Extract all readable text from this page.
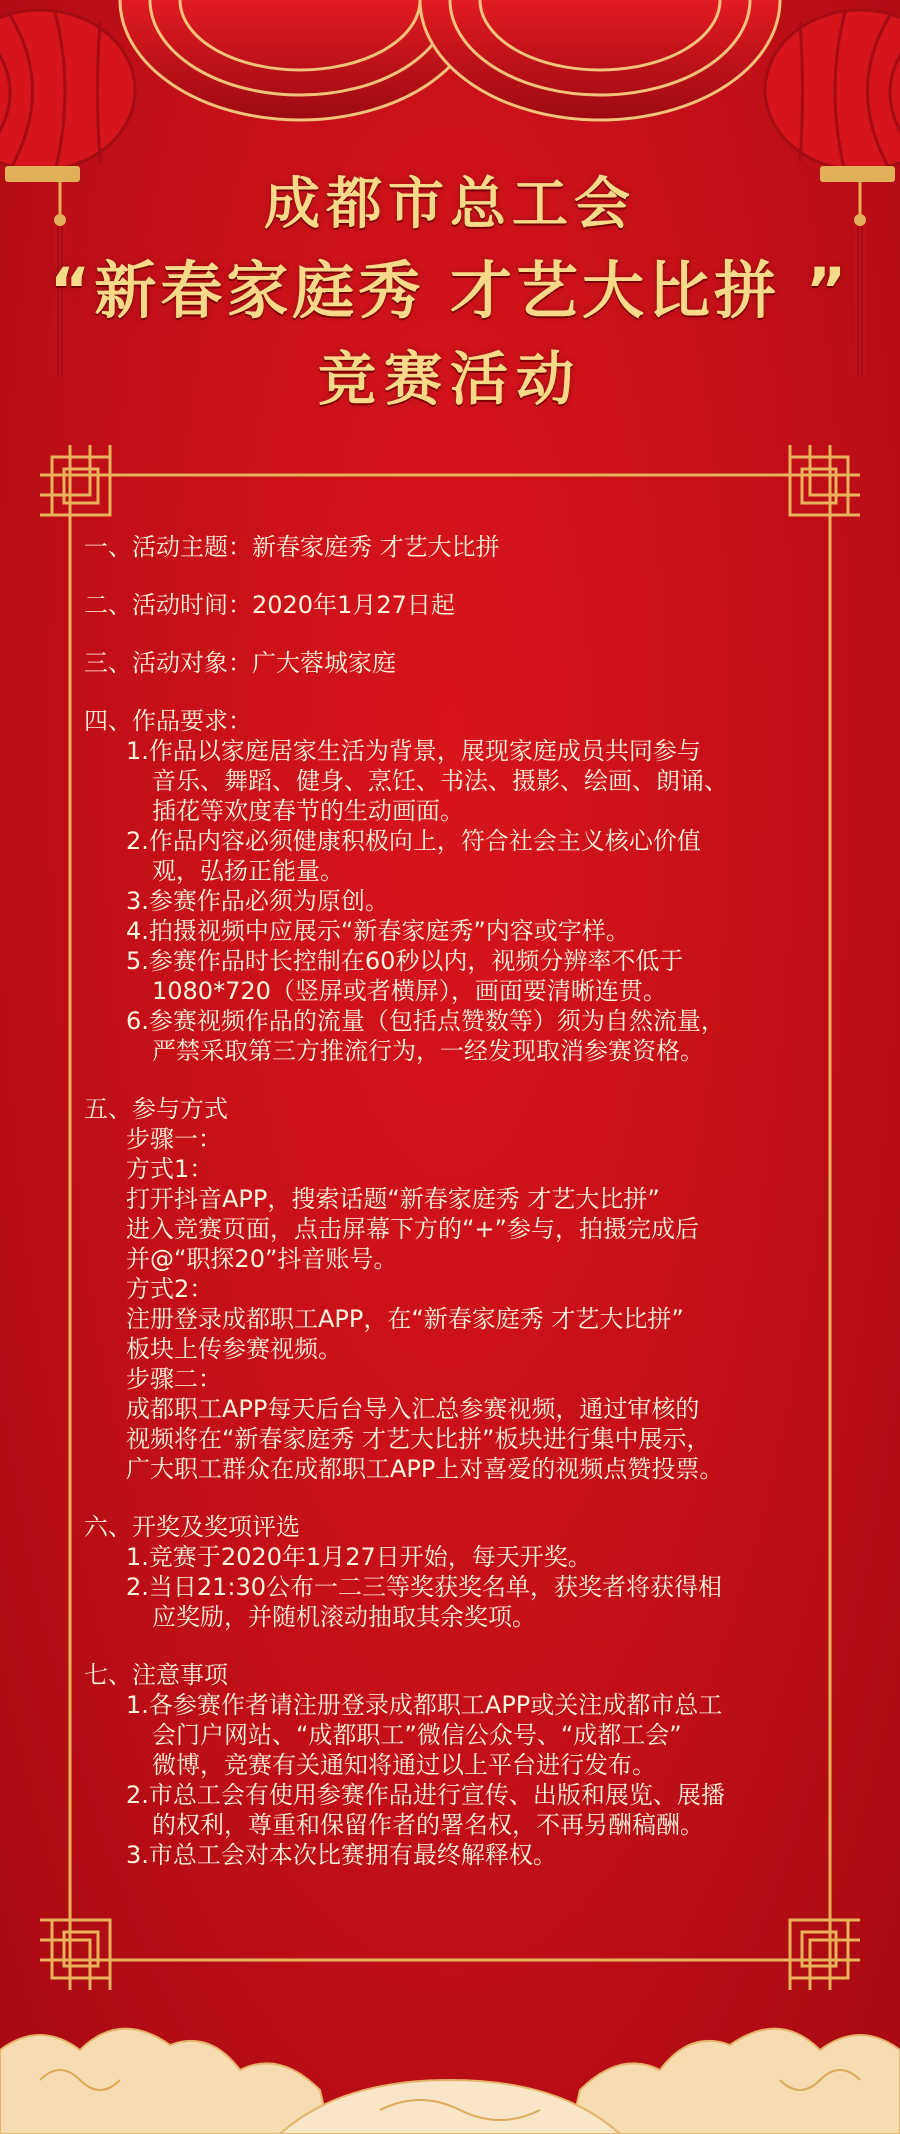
成都市总工会
“新春家庭秀 才艺大比拼 ”
竞赛活动
一、活动主题：新春家庭秀 才艺大比拼
二、活动时间：2020年1月27日起
三、活动对象：广大蓉城家庭
四、作品要求：
1.作品以家庭居家生活为背景，展现家庭成员共同参与
音乐、舞蹈、健身、烹饪、书法、摄影、绘画、朗诵、
插花等欢度春节的生动画面。
2.作品内容必须健康积极向上，符合社会主义核心价值
观，弘扬正能量。
3.参赛作品必须为原创。
4.拍摄视频中应展示“新春家庭秀”内容或字样。
5.参赛作品时长控制在60秒以内，视频分辨率不低于
1080*720（竖屏或者横屏），画面要清晰连贯。
6.参赛视频作品的流量（包括点赞数等）须为自然流量，
严禁采取第三方推流行为，一经发现取消参赛资格。
五、参与方式
步骤一：
方式1：
打开抖音APP，搜索话题“新春家庭秀 才艺大比拼”
进入竞赛页面，点击屏幕下方的“+”参与，拍摄完成后
并@“职探20”抖音账号。
方式2：
注册登录成都职工APP，在“新春家庭秀 才艺大比拼”
板块上传参赛视频。
步骤二：
成都职工APP每天后台导入汇总参赛视频，通过审核的
视频将在“新春家庭秀 才艺大比拼”板块进行集中展示，
广大职工群众在成都职工APP上对喜爱的视频点赞投票。
六、开奖及奖项评选
1.竞赛于2020年1月27日开始，每天开奖。
2.当日21:30公布一二三等奖获奖名单，获奖者将获得相
应奖励，并随机滚动抽取其余奖项。
七、注意事项
1.各参赛作者请注册登录成都职工APP或关注成都市总工
会门户网站、“成都职工”微信公众号、“成都工会”
微博，竞赛有关通知将通过以上平台进行发布。
2.市总工会有使用参赛作品进行宣传、出版和展览、展播
的权利，尊重和保留作者的署名权，不再另酬稿酬。
3.市总工会对本次比赛拥有最终解释权。
